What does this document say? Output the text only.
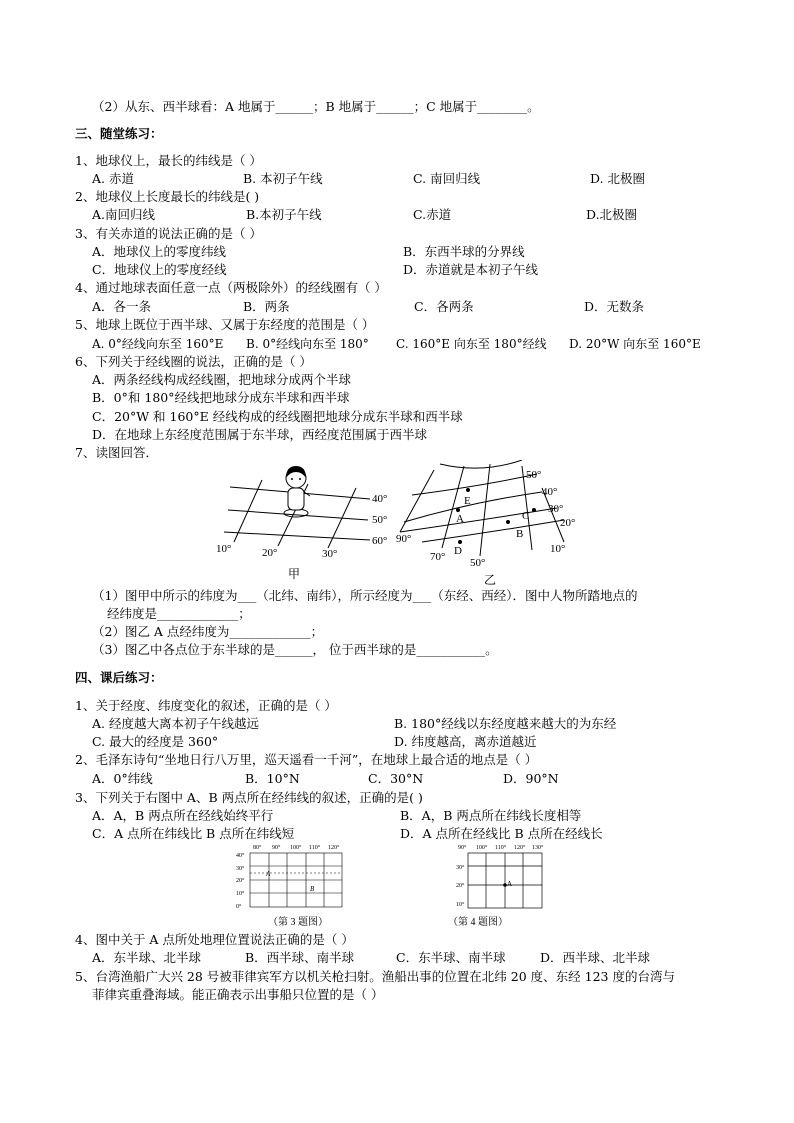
（2）从东、西半球看：A 地属于______；B 地属于______；C 地属于________。
三、随堂练习：
1、地球仪上，最长的纬线是（ ）
A. 赤道	B. 本初子午线	C. 南回归线	D. 北极圈
2、地球仪上长度最长的纬线是( )
A.南回归线	B.本初子午线	C.赤道	D.北极圈
3、有关赤道的说法正确的是（ ）
A．地球仪上的零度纬线	B．东西半球的分界线
C．地球仪上的零度经线	D．赤道就是本初子午线
4、通过地球表面任意一点（两极除外）的经线圈有（ ）
A．各一条	B．两条	C．各两条	D．无数条
5、地球上既位于西半球、又属于东经度的范围是（ ）
A. 0°经线向东至 160°E B. 0°经线向东至 180° C. 160°E 向东至 180°经线 D. 20°W 向东至 160°E
6、下列关于经线圈的说法，正确的是（ ）
A．两条经线构成经线圈，把地球分成两个半球
B．0°和 180°经线把地球分成东半球和西半球
C．20°W 和 160°E 经线构成的经线圈把地球分成东半球和西半球
D．在地球上东经度范围属于东半球，西经度范围属于西半球
7、读图回答．
40°
50°
60°
10°	20°	30°
甲
E
A	C
B
D
50°
40°
30°
20°
10°
90°
70° 50°
乙
（1）图甲中所示的纬度为___（北纬、南纬），所示经度为___（东经、西经）．图中人物所踏地点的
经纬度是_____________；
（2）图乙 A 点经纬度为_____________；
（3）图乙中各点位于东半球的是______， 位于西半球的是___________。
四、课后练习：
1、关于经度、纬度变化的叙述，正确的是（ ）
A. 经度越大离本初子午线越远	B. 180°经线以东经度越来越大的为东经
C. 最大的经度是 360°	D. 纬度越高，离赤道越近
2、毛泽东诗句“坐地日行八万里，巡天遥看一千河”，在地球上最合适的地点是（ ）
A．0°纬线	B．10°N	C．30°N	D．90°N
3、下列关于右图中 A、B 两点所在经纬线的叙述，正确的是( )
A．A，B 两点所在经线始终平行	B．A，B 两点所在纬线长度相等
C．A 点所在纬线比 B 点所在纬线短	D．A 点所在经线比 B 点所在经线长
80° 90° 100° 110° 120°
40°
30°
20°
10°
0°
A
B
（第 3 题图）
90° 100° 110° 120° 130°
30°
20°
10°
A
（第 4 题图）
4、图中关于 A 点所处地理位置说法正确的是（ ）
A．东半球、北半球	B．西半球、南半球	C．东半球、南半球	D．西半球、北半球
5、台湾渔船广大兴 28 号被菲律宾军方以机关枪扫射。渔船出事的位置在北纬 20 度、东经 123 度的台湾与
菲律宾重叠海域。能正确表示出事船只位置的是（ ）
